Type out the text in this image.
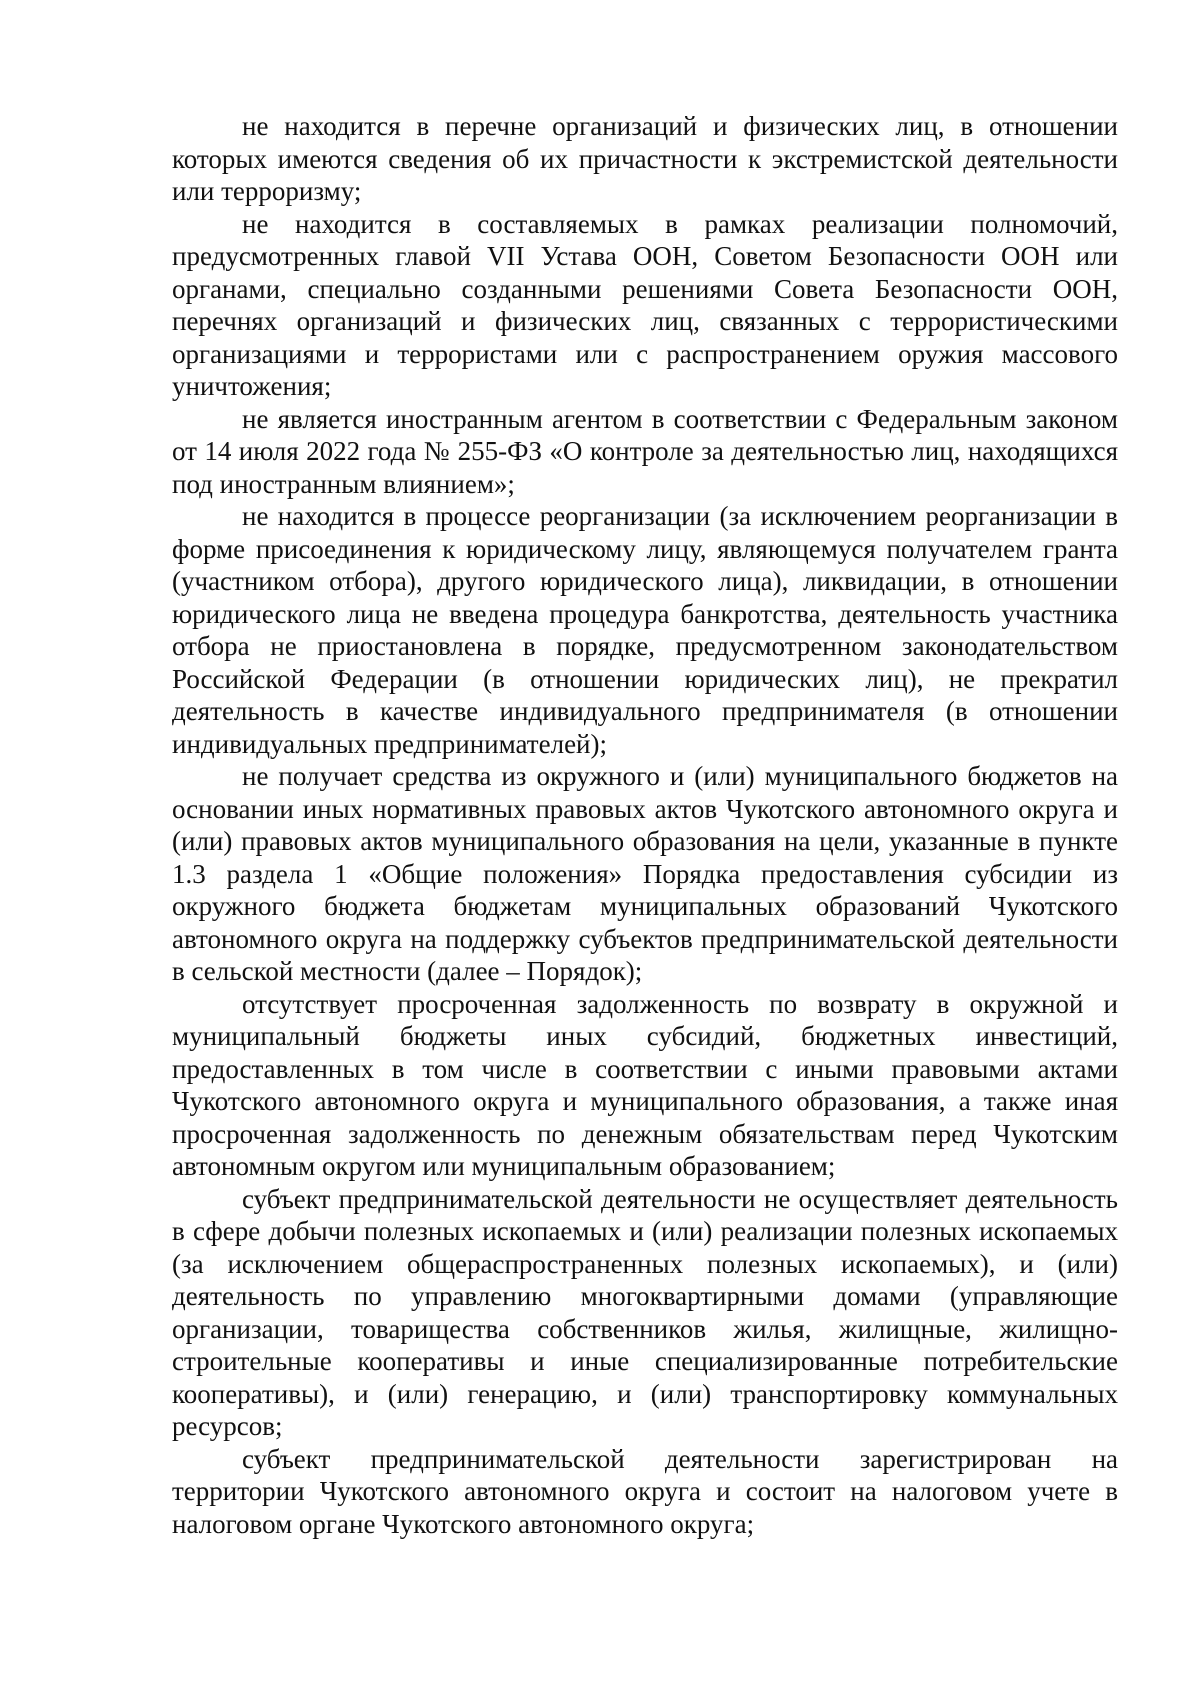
не находится в перечне организаций и физических лиц, в отношении которых имеются сведения об их причастности к экстремистской деятельности или терроризму;

не находится в составляемых в рамках реализации полномочий, предусмотренных главой VII Устава ООН, Советом Безопасности ООН или органами, специально созданными решениями Совета Безопасности ООН, перечнях организаций и физических лиц, связанных с террористическими организациями и террористами или с распространением оружия массового уничтожения;

не является иностранным агентом в соответствии с Федеральным законом от 14 июля 2022 года № 255-ФЗ «О контроле за деятельностью лиц, находящихся под иностранным влиянием»;

не находится в процессе реорганизации (за исключением реорганизации в форме присоединения к юридическому лицу, являющемуся получателем гранта (участником отбора), другого юридического лица), ликвидации, в отношении юридического лица не введена процедура банкротства, деятельность участника отбора не приостановлена в порядке, предусмотренном законодательством Российской Федерации (в отношении юридических лиц), не прекратил деятельность в качестве индивидуального предпринимателя (в отношении индивидуальных предпринимателей);

не получает средства из окружного и (или) муниципального бюджетов на основании иных нормативных правовых актов Чукотского автономного округа и (или) правовых актов муниципального образования на цели, указанные в пункте 1.3 раздела 1 «Общие положения» Порядка предоставления субсидии из окружного бюджета бюджетам муниципальных образований Чукотского автономного округа на поддержку субъектов предпринимательской деятельности в сельской местности (далее – Порядок);

отсутствует просроченная задолженность по возврату в окружной и муниципальный бюджеты иных субсидий, бюджетных инвестиций, предоставленных в том числе в соответствии с иными правовыми актами Чукотского автономного округа и муниципального образования, а также иная просроченная задолженность по денежным обязательствам перед Чукотским автономным округом или муниципальным образованием;

субъект предпринимательской деятельности не осуществляет деятельность в сфере добычи полезных ископаемых и (или) реализации полезных ископаемых (за исключением общераспространенных полезных ископаемых), и (или) деятельность по управлению многоквартирными домами (управляющие организации, товарищества собственников жилья, жилищные, жилищно-строительные кооперативы и иные специализированные потребительские кооперативы), и (или) генерацию, и (или) транспортировку коммунальных ресурсов;

субъект предпринимательской деятельности зарегистрирован на территории Чукотского автономного округа и состоит на налоговом учете в налоговом органе Чукотского автономного округа;
